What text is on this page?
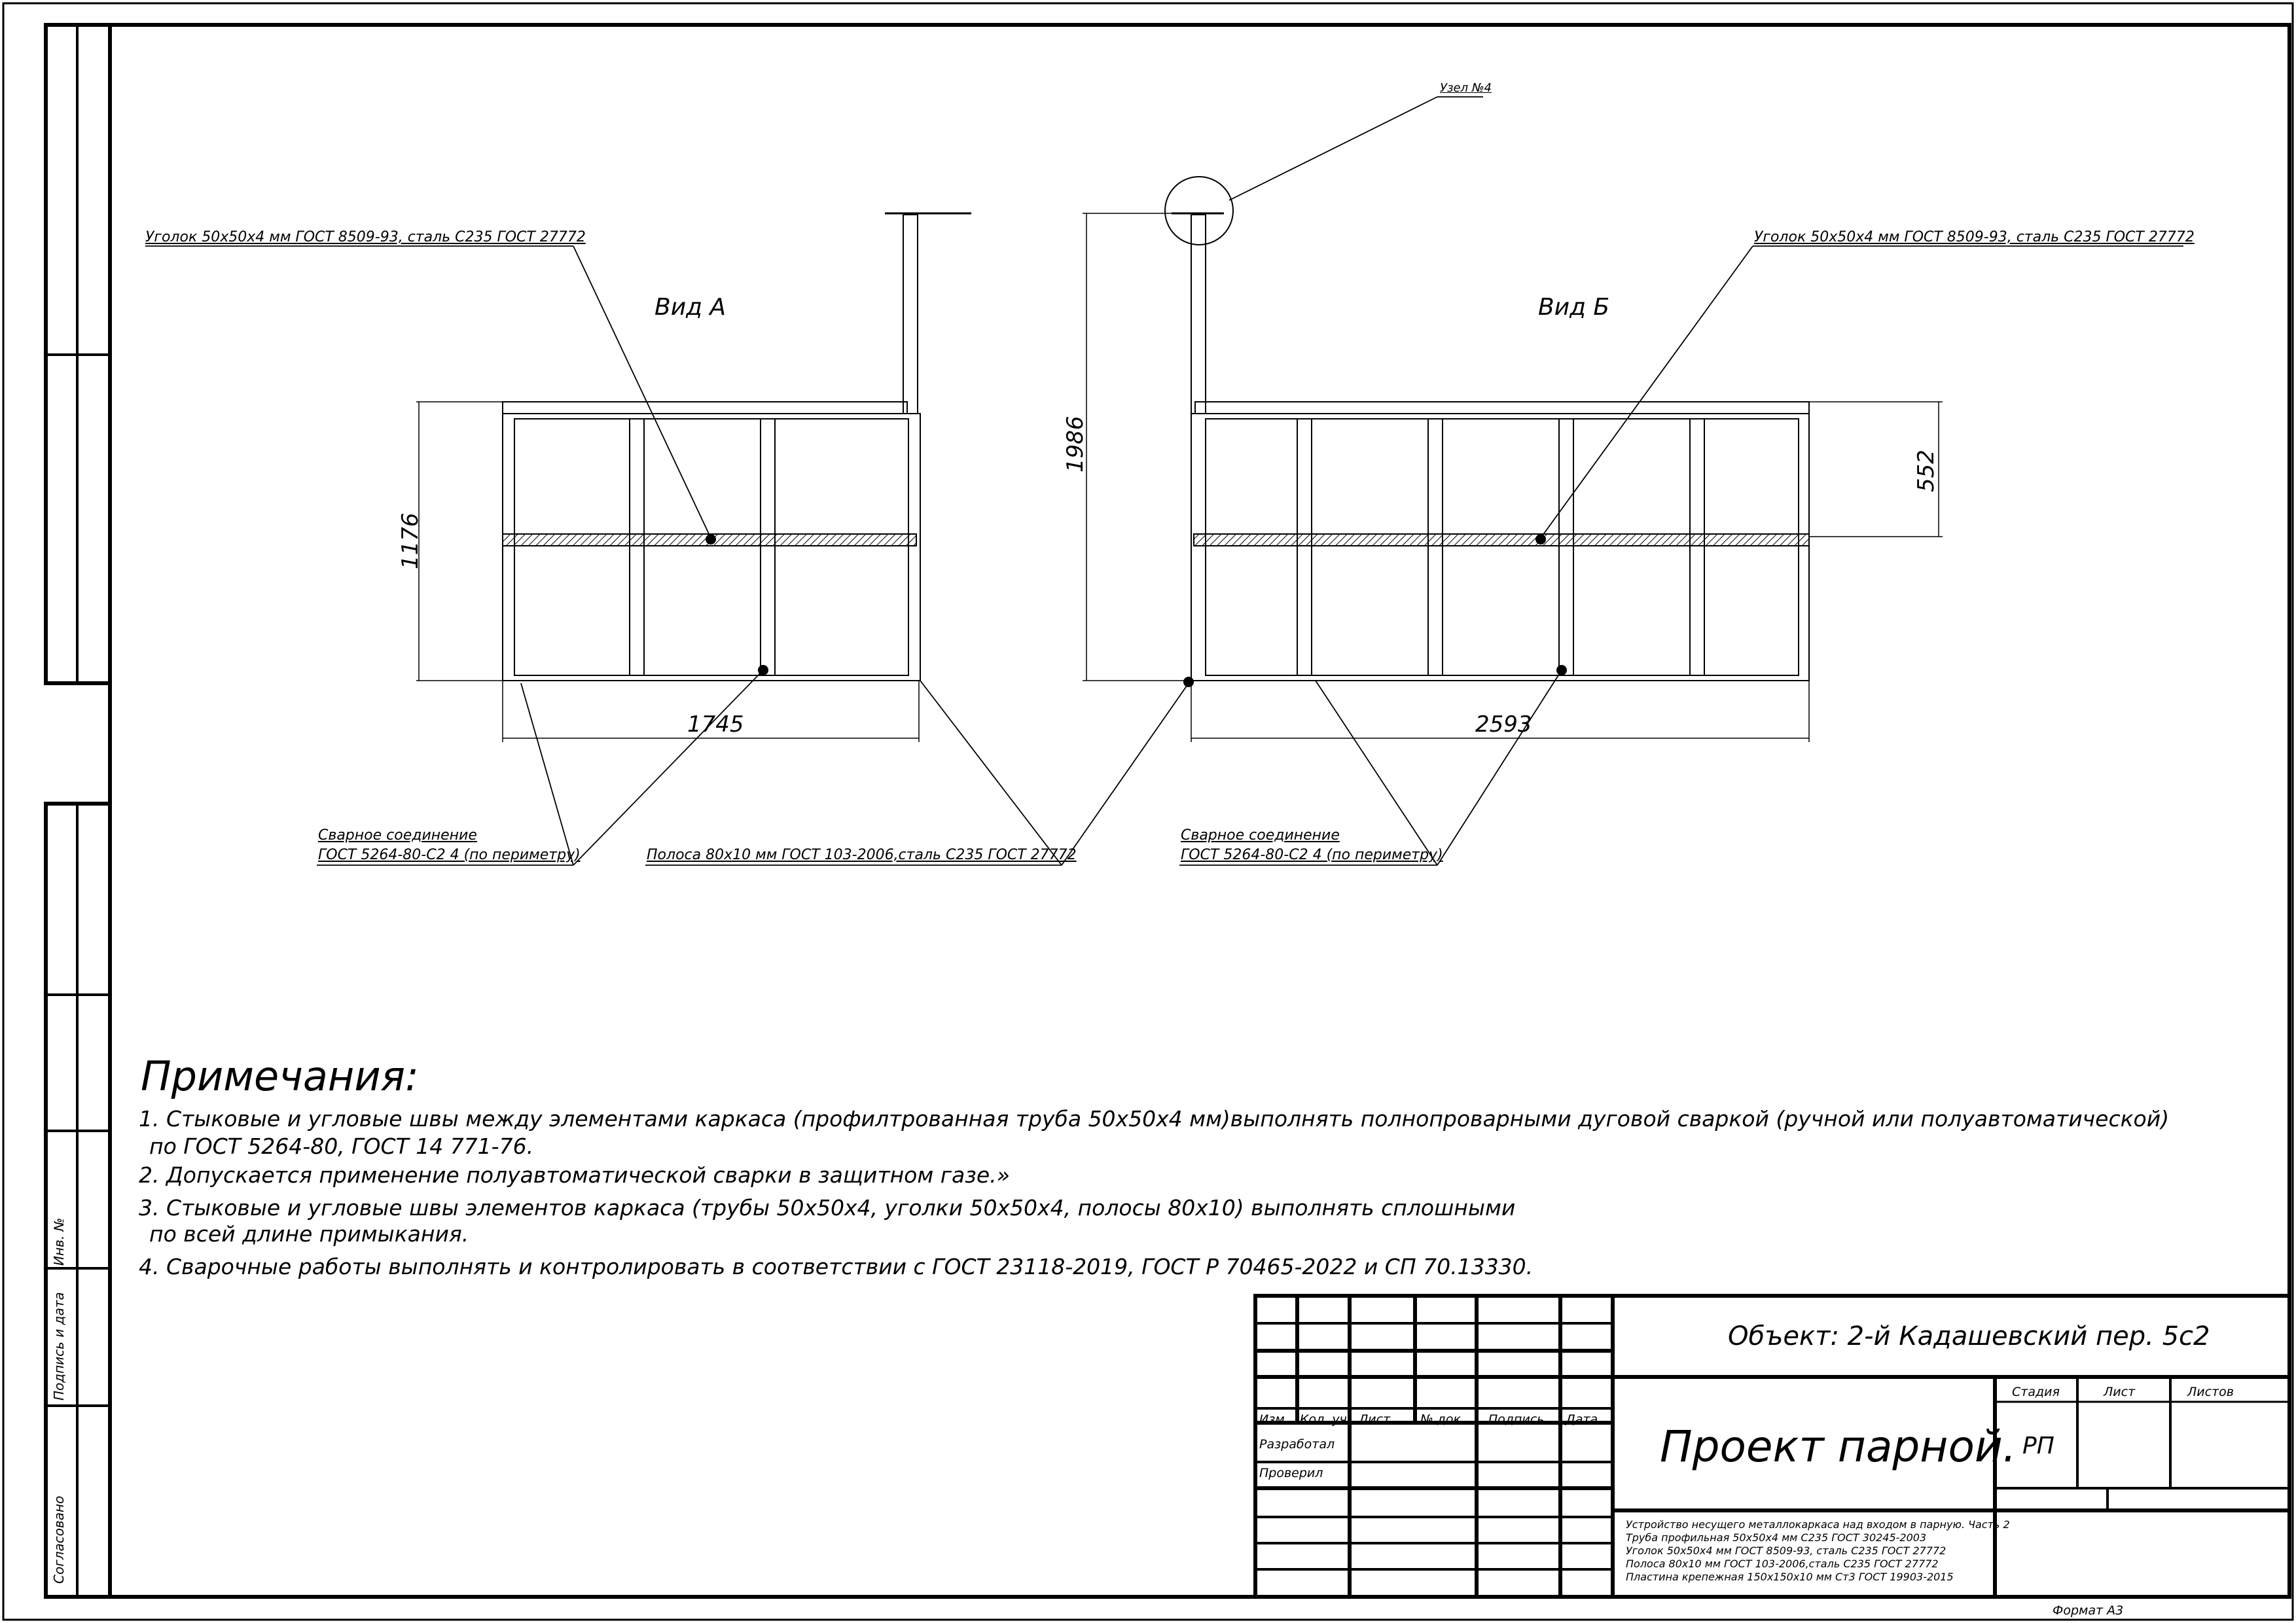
Вид А	Вид Б
1176
1745
1986
2593
552
Уголок 50х50х4 мм ГОСТ 8509-93, сталь С235 ГОСТ 27772	Уголок 50х50х4 мм ГОСТ 8509-93, сталь С235 ГОСТ 27772
Узел №4
Сварное соединение
ГОСТ 5264-80-С2 4 (по периметру)	Полоса 80х10 мм ГОСТ 103-2006,сталь С235 ГОСТ 27772
Сварное соединение
ГОСТ 5264-80-С2 4 (по периметру)
Примечания:
1. Стыковые и угловые швы между элементами каркаса (профилтрованная труба 50х50х4 мм)выполнять полнопроварными дуговой сваркой (ручной или полуавтоматической)
по ГОСТ 5264-80, ГОСТ 14 771-76.
2. Допускается применение полуавтоматической сварки в защитном газе.»
3. Стыковые и угловые швы элементов каркаса (трубы 50х50х4, уголки 50х50х4, полосы 80х10) выполнять сплошными
по всей длине примыкания.
4. Сварочные работы выполнять и контролировать в соответствии с ГОСТ 23118-2019, ГОСТ Р 70465-2022 и СП 70.13330.
Объект: 2-й Кадашевский пер. 5с2
Проект парной.
Стадия	Лист	Листов
РП
Изм. Кол. уч Лист № док Подпись Дата
Разработал
Проверил
Устройство несущего металлокаркаса над входом в парную. Часть 2
Труба профильная 50х50х4 мм С235 ГОСТ 30245-2003
Уголок 50х50х4 мм ГОСТ 8509-93, сталь С235 ГОСТ 27772
Полоса 80х10 мм ГОСТ 103-2006,сталь С235 ГОСТ 27772
Пластина крепежная 150х150х10 мм Ст3 ГОСТ 19903-2015
Формат А3
Инв. №
Подпись и дата
Согласовано
